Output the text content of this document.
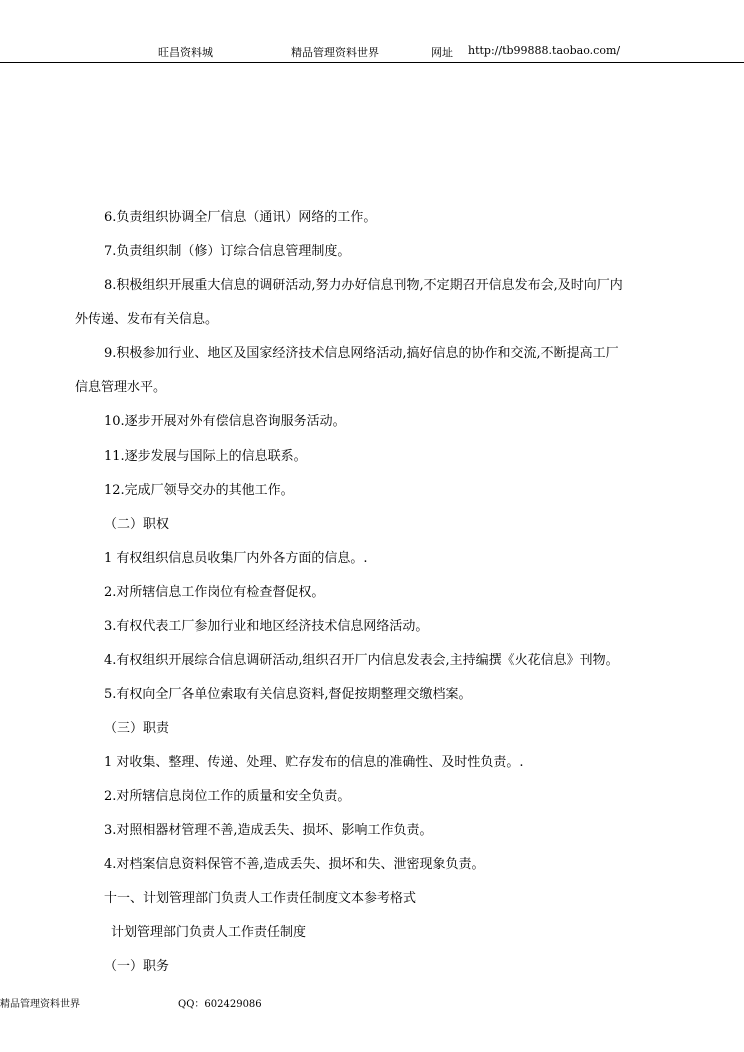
旺昌资料城	精品管理资料世界	网址 http://tb99888.taobao.com/
6.负责组织协调全厂信息（通讯）网络的工作。
7.负责组织制（修）订综合信息管理制度。
8.积极组织开展重大信息的调研活动,努力办好信息刊物,不定期召开信息发布会,及时向厂内
外传递、发布有关信息。
9.积极参加行业、地区及国家经济技术信息网络活动,搞好信息的协作和交流,不断提高工厂
信息管理水平。
10.逐步开展对外有偿信息咨询服务活动。
11.逐步发展与国际上的信息联系。
12.完成厂领导交办的其他工作。
（二）职权
1 有权组织信息员收集厂内外各方面的信息。.
2.对所辖信息工作岗位有检查督促权。
3.有权代表工厂参加行业和地区经济技术信息网络活动。
4.有权组织开展综合信息调研活动,组织召开厂内信息发表会,主持编撰《火花信息》刊物。
5.有权向全厂各单位索取有关信息资料,督促按期整理交缴档案。
（三）职责
1 对收集、整理、传递、处理、贮存发布的信息的准确性、及时性负责。.
2.对所辖信息岗位工作的质量和安全负责。
3.对照相器材管理不善,造成丢失、损坏、影响工作负责。
4.对档案信息资料保管不善,造成丢失、损坏和失、泄密现象负责。
十一、计划管理部门负责人工作责任制度文本参考格式
计划管理部门负责人工作责任制度
（一）职务
精品管理资料世界	QQ：602429086
